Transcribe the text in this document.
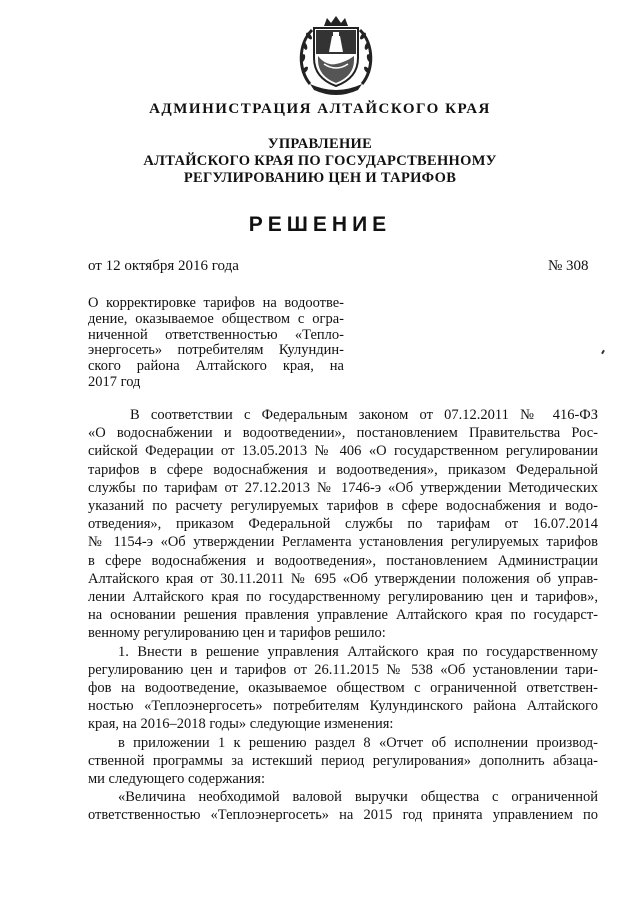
АДМИНИСТРАЦИЯ АЛТАЙСКОГО КРАЯ
УПРАВЛЕНИЕ
АЛТАЙСКОГО КРАЯ ПО ГОСУДАРСТВЕННОМУ
РЕГУЛИРОВАНИЮ ЦЕН И ТАРИФОВ
РЕШЕНИЕ
от 12 октября 2016 года	№ 308
О корректировке тарифов на водоотве-
дение, оказываемое обществом с огра-
ниченной ответственностью «Тепло-
энергосеть» потребителям Кулундин-
ского района Алтайского края, на
2017 год
В соответствии с Федеральным законом от 07.12.2011 № 416-ФЗ
«О водоснабжении и водоотведении», постановлением Правительства Рос-
сийской Федерации от 13.05.2013 № 406 «О государственном регулировании
тарифов в сфере водоснабжения и водоотведения», приказом Федеральной
службы по тарифам от 27.12.2013 № 1746-э «Об утверждении Методических
указаний по расчету регулируемых тарифов в сфере водоснабжения и водо-
отведения», приказом Федеральной службы по тарифам от 16.07.2014
№ 1154-э «Об утверждении Регламента установления регулируемых тарифов
в сфере водоснабжения и водоотведения», постановлением Администрации
Алтайского края от 30.11.2011 № 695 «Об утверждении положения об управ-
лении Алтайского края по государственному регулированию цен и тарифов»,
на основании решения правления управление Алтайского края по государст-
венному регулированию цен и тарифов решило:
1. Внести в решение управления Алтайского края по государственному
регулированию цен и тарифов от 26.11.2015 № 538 «Об установлении тари-
фов на водоотведение, оказываемое обществом с ограниченной ответствен-
ностью «Теплоэнергосеть» потребителям Кулундинского района Алтайского
края, на 2016–2018 годы» следующие изменения:
в приложении 1 к решению раздел 8 «Отчет об исполнении производ-
ственной программы за истекший период регулирования» дополнить абзаца-
ми следующего содержания:
«Величина необходимой валовой выручки общества с ограниченной
ответственностью «Теплоэнергосеть» на 2015 год принята управлением по
